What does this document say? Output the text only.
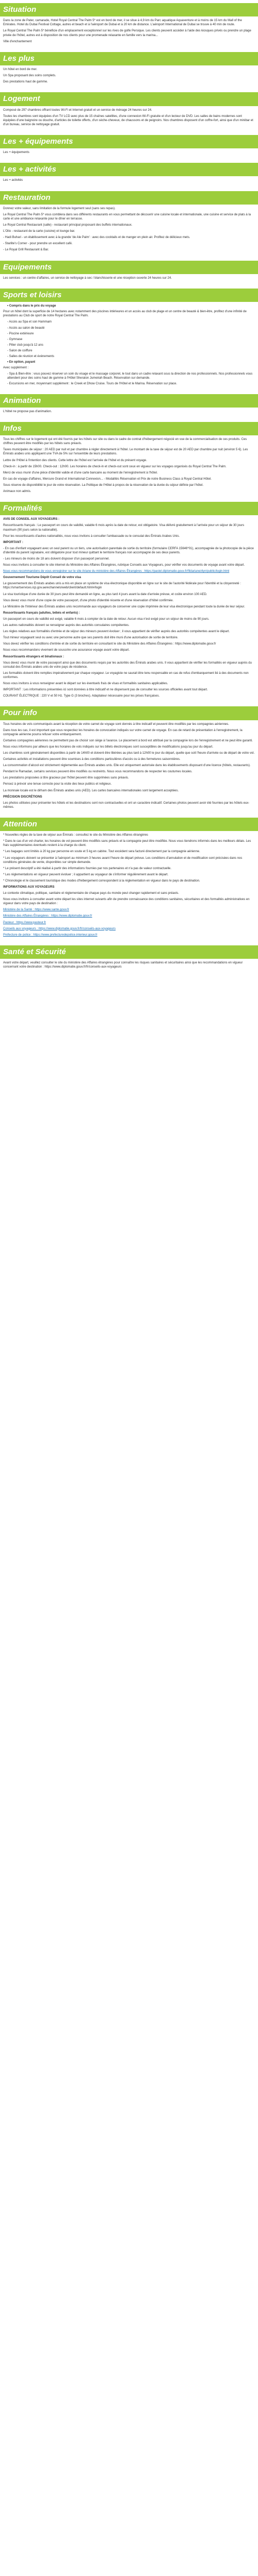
Situation
Dans la zone de Pater, camarade, Hotel Royal Central The Palm 5* est en bord de mer, il se situe à 4,9 km du Parc aquatique Aquaventure et à moins de 15 km du Mall of the Emirates. Hotel du Dubai Festival Cottage, autres et beach et à l'aéroport de Dubai et à 20 km de distance. L'aéroport International de Dubai se trouve à 40 min de route.
Le Royal Central The Palm 5* bénéficie d'un emplacement exceptionnel sur les rives de golfe Persique. Les clients peuvent accéder à l'aide des kiosques privés ou prendre un plage privée de l'hôtel, autres est à disposition de nos clients pour une promenade relaxante en famille vers la marina...
Ville d'enchantement
Les plus
Un hôtel en bord de mer.
Un Spa proposant des soins complets.
Des prestations haut de gamme.
Logement
Composé de 297 chambres offrant toutes Wi-Fi et Internet gratuit et un service de ménage 24 heures sur 24.
Toutes les chambres sont équipées d'un TV LCD avec plus de 15 chaînes satellites, d'une connexion Wi-Fi gratuite et d'un lecteur de DVD. Les salles de bains modernes sont équipées d'une baignoire ou douche, d'articles de toilette offerts, d'un sèche-cheveux, de chaussons et de peignoirs. Nos chambres disposent d'un coffre-fort, ainsi que d'un minibar et d'un bureau, service de nettoyage gratuit.
Les + équipements
Les + équipements
Les + activités
Les + activités
Restauration
Donnez votre valeur, sans limitation de la formule logement seul (sans ses repas).
Le Royal Central The Palm 5* vous comblera dans ses différents restaurants en vous permettant de découvrir une cuisine locale et internationale, une cuisine et service de plats à la carte et une ambiance relaxante pour le dîner en terrasse.
Le Royal Central Restaurant (salle) - restaurant principal proposant des buffets internationaux.
L'Olio - restaurant de la carte (cuisine) et lounge bar.
- Hadi Buhari - un établissement avec à la grande 'de Ale Palm' : avec des cocktails et de manger en plein air. Profitez de délicieux mets.
- Starlite's Corner - pour prendre un excellent café.
- Le Royal Grill Restaurant & Bar.
Equipements
Les services : un centre d'affaires, un service de nettoyage à sec / blanchisserie et une réception ouverte 24 heures sur 24.
Sports et loisirs
• Compris dans le prix du voyage
Pour un hôtel dont la superficie de 14 hectares avec notamment des piscines intérieures et un accès au club de plage et un centre de beauté & bien-être, profitez d'une infinité de prestations au Club de sport de notre Royal Central The Palm.
- Accès au Spa et son Hammam
- Accès au salon de beauté
- Piscine extérieure
- Gymnase
- Pilier club jusqu'à 12 ans
- Salon de coiffure
- Salles de réunion et événements
• En option, payant
Avec supplément :
- Spa & Bien-être : vous pouvez réserver un soin du visage et le massage corporel, le tout dans un cadre relaxant sous la direction de nos professionnels. Nos professionnels vous attendent pour des soins haut de gamme à l'Hôtel Sheraton Jumeirah Beach. Réservation sur demande.
- Excursions en mer, moyennant supplément : le Creek et Dhow Cruise. Tours de l'Hôtel et le Marina. Réservation sur place.
Animation
L'hôtel ne propose pas d'animation.
Infos
Tous les chiffres sur le logement qui ont été fournis par les hôtels sur site ou dans le cadre de contrat d'hébergement négocié en vue de la commercialisation de ces produits. Ces chiffres peuvent être modifiés par les hôtels sans préavis.
Taxes municipales de séjour : 20 AED par nuit et par chambre à régler directement à l'hôtel. Le montant de la taxe de séjour est de 20 AED par chambre par nuit (environ 5 €). Les Émirats arabes unis appliquent une TVA de 5% sur l'ensemble de leurs prestations.
Lettre de l'Hôtel à l'intention des clients. Cette lettre de l'hôtel est l'arrivée de l'hôtel et du présent voyage.
Check-in : à partir de 15h00. Check-out : 12h00. Les horaires de check-in et check-out sont ceux en vigueur sur les voyages organisés du Royal Central The Palm.
Merci de vous munir d'une pièce d'identité valide et d'une carte bancaire au moment de l'enregistrement à l'hôtel.
En cas de voyage d'affaires, Mercure Grand et International Connexion... - Modalités Réservation et Prix de notre Business Class à Royal Central Hôtel.
Sous réserve de disponibilité le jour de votre réservation. La Politique de l'Hôtel à propos de la réservation de la durée du séjour définie par l'hôtel.
Animaux non admis.
Formalités
AVIS DE CONSEIL AUX VOYAGEURS :
Ressortissants français : Le passeport en cours de validité, valable 6 mois après la date de retour, est obligatoire. Visa délivré gratuitement à l'arrivée pour un séjour de 30 jours maximum (90 jours selon la nationalité).
Pour les ressortissants d'autres nationalités, nous vous invitons à consulter l'ambassade ou le consulat des Émirats Arabes Unis.
IMPORTANT :
- En cas d'enfant voyageant avec un seul parent ou un tiers, une autorisation parentale de sortie du territoire (formulaire CERFA 15646*01), accompagnée de la photocopie de la pièce d'identité du parent signataire, est obligatoire pour tout mineur quittant le territoire français non accompagné de ses deux parents.
- Les mineurs de moins de 18 ans doivent disposer d'un passeport personnel.
Nous vous invitons à consulter le site internet du Ministère des Affaires Étrangères, rubrique Conseils aux Voyageurs, pour vérifier vos documents de voyage avant votre départ.
Nous vous recommandons de vous enregistrer sur le site Ariane du ministère des Affaires Étrangères : https://pastel.diplomatie.gouv.fr/fildariane/dyn/public/login.html
Gouvernement Tourisme Dépôt Conseil de votre visa
Le gouvernement des Émirats arabes unis a mis en place un système de visa électronique disponible en ligne sur le site de l'autorité fédérale pour l'identité et la citoyenneté : https://smartservices.icp.gov.ae/echannels/web/client/default.html#/login
Le visa touristique d'une durée de 30 jours peut être demandé en ligne, au plus tard 4 jours avant la date d'arrivée prévue, et coûte environ 100 AED.
Vous devez vous munir d'une copie de votre passeport, d'une photo d'identité récente et d'une réservation d'hôtel confirmée.
Le Ministère de l'Intérieur des Émirats arabes unis recommande aux voyageurs de conserver une copie imprimée de leur visa électronique pendant toute la durée de leur séjour.
Ressortissants français (adultes, bébés et enfants) :
Un passeport en cours de validité est exigé, valable 6 mois à compter de la date de retour. Aucun visa n'est exigé pour un séjour de moins de 90 jours.
Les autres nationalités doivent se renseigner auprès des autorités consulaires compétentes.
Les règles relatives aux formalités d'entrée et de séjour des mineurs peuvent évoluer ; il vous appartient de vérifier auprès des autorités compétentes avant le départ.
Tout mineur voyageant seul ou avec une personne autre que ses parents doit être muni d'une autorisation de sortie de territoire.
Vous devez vérifier les conditions d'entrée et de sortie du territoire en consultant le site du Ministère des Affaires Étrangères : https://www.diplomatie.gouv.fr
Nous vous recommandons vivement de souscrire une assurance voyage avant votre départ.
Ressortissants étrangers et binationaux :
Vous devez vous munir de votre passeport ainsi que des documents requis par les autorités des Émirats arabes unis. Il vous appartient de vérifier les formalités en vigueur auprès du consulat des Émirats arabes unis de votre pays de résidence.
Les formalités doivent être remplies impérativement par chaque voyageur. Le voyagiste ne saurait être tenu responsable en cas de refus d'embarquement lié à des documents non conformes.
Nous vous invitons à vous renseigner avant le départ sur les éventuels frais de visas et formalités sanitaires applicables.
IMPORTANT : Les informations présentées ici sont données à titre indicatif et ne dispensent pas de consulter les sources officielles avant tout départ.
COURANT ÉLECTRIQUE : 220 V et 50 Hz. Type G (3 broches). Adaptateur nécessaire pour les prises françaises.
Pour info
Tous horaires de vols communiqués avant la réception de votre carnet de voyage sont donnés à titre indicatif et peuvent être modifiés par les compagnies aériennes.
Dans tous les cas, il est important que vous respectiez les horaires de convocation indiqués sur votre carnet de voyage. En cas de retard de présentation à l'enregistrement, la compagnie aérienne pourra refuser votre embarquement.
Certaines compagnies aériennes ne permettent pas de choisir son siège à l'avance. Le placement à bord est attribué par la compagnie lors de l'enregistrement et ne peut être garanti.
Nous vous informons par ailleurs que les horaires de vols indiqués sur les billets électroniques sont susceptibles de modifications jusqu'au jour du départ.
Les chambres sont généralement disponibles à partir de 14h00 et doivent être libérées au plus tard à 12h00 le jour du départ, quelle que soit l'heure d'arrivée ou de départ de votre vol.
Certaines activités et installations peuvent être soumises à des conditions particulières d'accès ou à des fermetures saisonnières.
La consommation d'alcool est strictement réglementée aux Émirats arabes unis. Elle est uniquement autorisée dans les établissements disposant d'une licence (hôtels, restaurants).
Pendant le Ramadan, certains services peuvent être modifiés ou restreints. Nous vous recommandons de respecter les coutumes locales.
Les prestations proposées à titre gracieux par l'hôtel peuvent être supprimées sans préavis.
Pensez à prévoir une tenue correcte pour la visite des lieux publics et religieux.
La monnaie locale est le dirham des Émirats arabes unis (AED). Les cartes bancaires internationales sont largement acceptées.
PRÉCISION DISCRÉTIONS
Les photos utilisées pour présenter les hôtels et les destinations sont non contractuelles et ont un caractère indicatif. Certaines photos peuvent avoir été fournies par les hôtels eux-mêmes.
Attention
* Nouvelles règles de la taxe de séjour aux Émirats : consultez le site du Ministère des Affaires étrangères
* Dans le cas d'un vol charter, les horaires de vol peuvent être modifiés sans préavis et la compagnie peut être modifiée. Nous vous tiendrons informés dans les meilleurs délais. Les frais supplémentaires éventuels restent à la charge du client.
* Les bagages sont limités à 20 kg par personne en soute et 5 kg en cabine. Tout excédent sera facturé directement par la compagnie aérienne.
* Les voyageurs doivent se présenter à l'aéroport au minimum 3 heures avant l'heure de départ prévue. Les conditions d'annulation et de modification sont précisées dans nos conditions générales de vente, disponibles sur simple demande.
* Le présent descriptif a été réalisé à partir des informations fournies par nos partenaires et n'a pas de valeur contractuelle.
* Les réglementations en vigueur peuvent évoluer ; il appartient au voyageur de s'informer régulièrement avant le départ.
* Chronologie et le classement touristique des modes d'hébergement correspondent à la réglementation en vigueur dans le pays de destination.
INFORMATIONS AUX VOYAGEURS
Le contexte climatique, politique, sanitaire et réglementaire de chaque pays du monde peut changer rapidement et sans préavis.
Nous vous invitons à consulter avant votre départ les sites internet suivants afin de prendre connaissance des conditions sanitaires, sécuritaires et des formalités administratives en vigueur dans votre pays de destination :
Ministère de la Santé : https://www.sante.gouv.fr
Ministère des Affaires Étrangères : https://www.diplomatie.gouv.fr
Pasteur : https://www.pasteur.fr
Conseils aux voyageurs : https://www.diplomatie.gouv.fr/fr/conseils-aux-voyageurs
Préfecture de police : https://www.prefecturedepolice.interieur.gouv.fr
Santé et Sécurité
Avant votre départ, veuillez consulter le site du ministère des Affaires étrangères pour connaître les risques sanitaires et sécuritaires ainsi que les recommandations en vigueur concernant votre destination : https://www.diplomatie.gouv.fr/fr/conseils-aux-voyageurs
